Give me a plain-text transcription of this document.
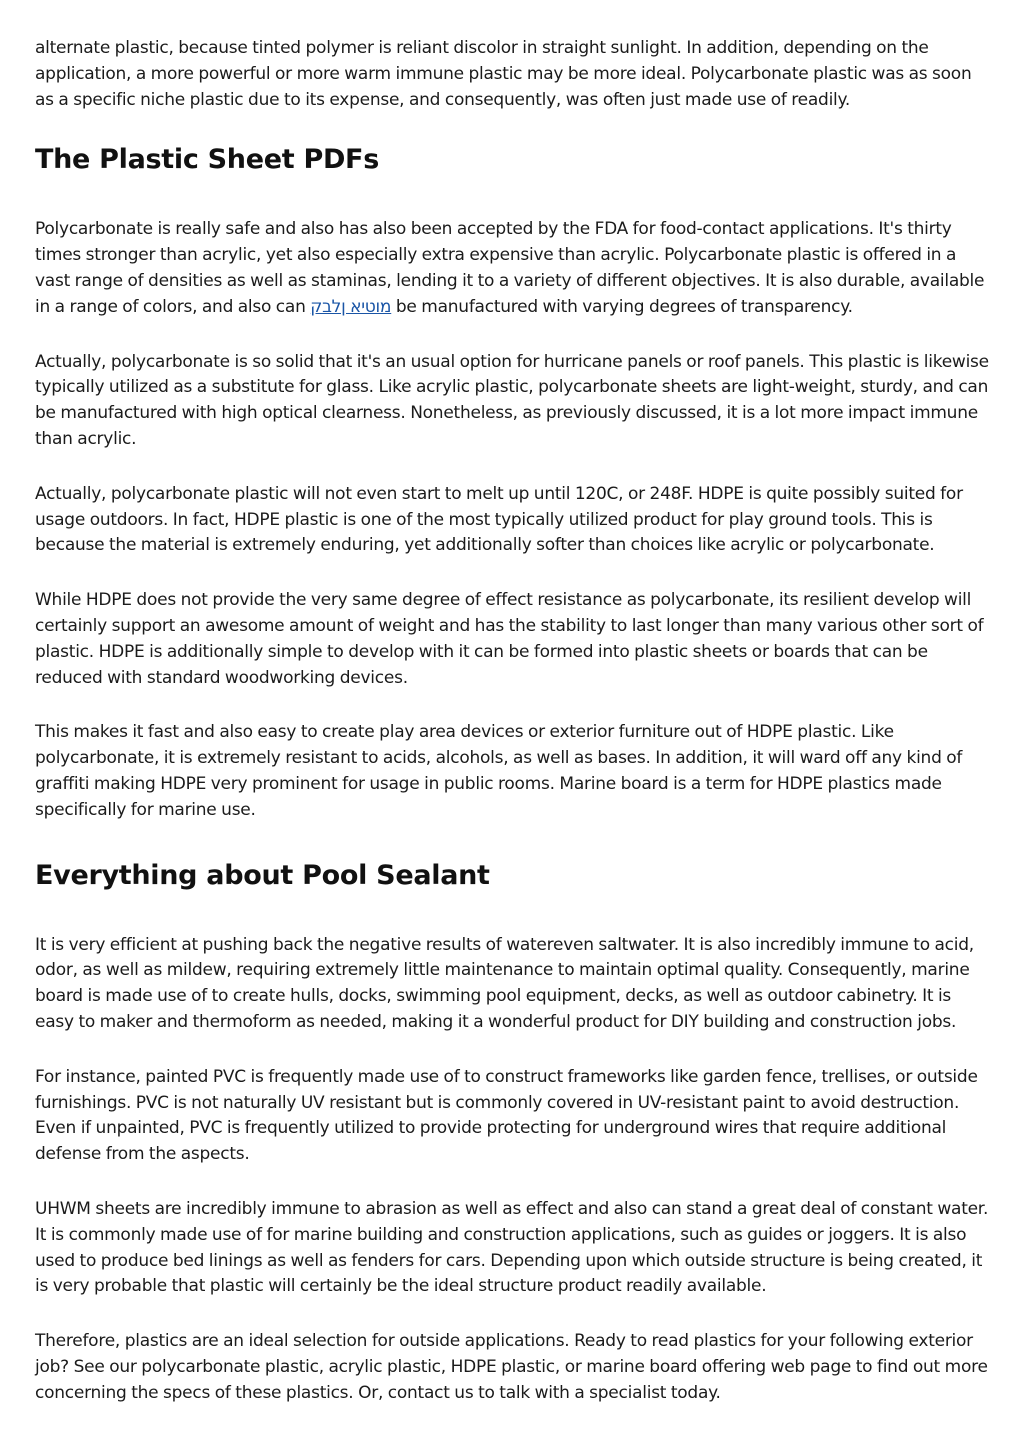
alternate plastic, because tinted polymer is reliant discolor in straight sunlight. In addition, depending on the application, a more powerful or more warm immune plastic may be more ideal. Polycarbonate plastic was as soon as a specific niche plastic due to its expense, and consequently, was often just made use of readily.

The Plastic Sheet PDFs

Polycarbonate is really safe and also has also been accepted by the FDA for food-contact applications. It's thirty times stronger than acrylic, yet also especially extra expensive than acrylic. Polycarbonate plastic is offered in a vast range of densities as well as staminas, lending it to a variety of different objectives. It is also durable, available in a range of colors, and also can מוטיא ןלבק be manufactured with varying degrees of transparency.

Actually, polycarbonate is so solid that it's an usual option for hurricane panels or roof panels. This plastic is likewise typically utilized as a substitute for glass. Like acrylic plastic, polycarbonate sheets are light-weight, sturdy, and can be manufactured with high optical clearness. Nonetheless, as previously discussed, it is a lot more impact immune than acrylic.

Actually, polycarbonate plastic will not even start to melt up until 120C, or 248F. HDPE is quite possibly suited for usage outdoors. In fact, HDPE plastic is one of the most typically utilized product for play ground tools. This is because the material is extremely enduring, yet additionally softer than choices like acrylic or polycarbonate.

While HDPE does not provide the very same degree of effect resistance as polycarbonate, its resilient develop will certainly support an awesome amount of weight and has the stability to last longer than many various other sort of plastic. HDPE is additionally simple to develop with it can be formed into plastic sheets or boards that can be reduced with standard woodworking devices.

This makes it fast and also easy to create play area devices or exterior furniture out of HDPE plastic. Like polycarbonate, it is extremely resistant to acids, alcohols, as well as bases. In addition, it will ward off any kind of graffiti making HDPE very prominent for usage in public rooms. Marine board is a term for HDPE plastics made specifically for marine use.

Everything about Pool Sealant

It is very efficient at pushing back the negative results of watereven saltwater. It is also incredibly immune to acid, odor, as well as mildew, requiring extremely little maintenance to maintain optimal quality. Consequently, marine board is made use of to create hulls, docks, swimming pool equipment, decks, as well as outdoor cabinetry. It is easy to maker and thermoform as needed, making it a wonderful product for DIY building and construction jobs.

For instance, painted PVC is frequently made use of to construct frameworks like garden fence, trellises, or outside furnishings. PVC is not naturally UV resistant but is commonly covered in UV-resistant paint to avoid destruction. Even if unpainted, PVC is frequently utilized to provide protecting for underground wires that require additional defense from the aspects.

UHWM sheets are incredibly immune to abrasion as well as effect and also can stand a great deal of constant water. It is commonly made use of for marine building and construction applications, such as guides or joggers. It is also used to produce bed linings as well as fenders for cars. Depending upon which outside structure is being created, it is very probable that plastic will certainly be the ideal structure product readily available.

Therefore, plastics are an ideal selection for outside applications. Ready to read plastics for your following exterior job? See our polycarbonate plastic, acrylic plastic, HDPE plastic, or marine board offering web page to find out more concerning the specs of these plastics. Or, contact us to talk with a specialist today.
